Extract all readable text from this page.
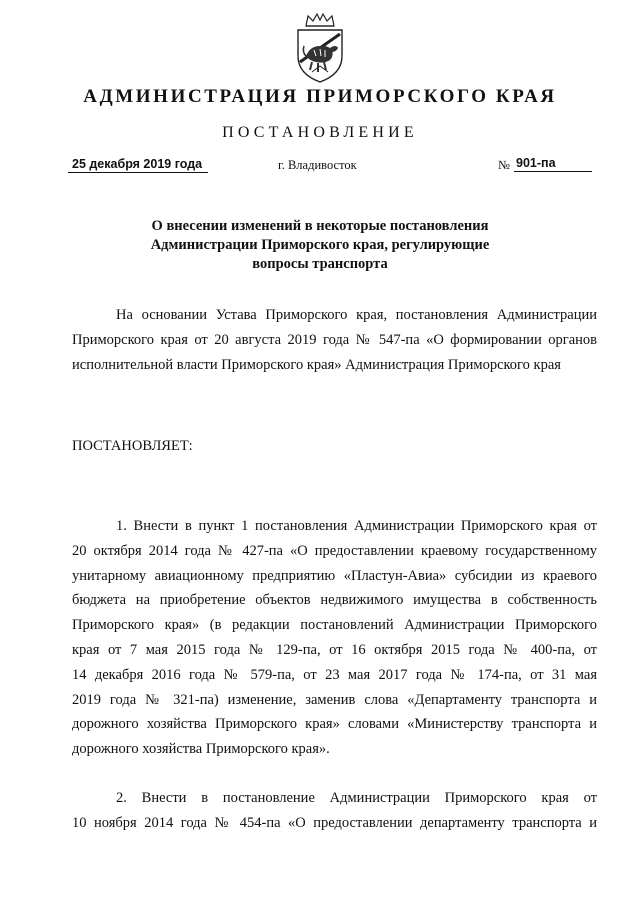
АДМИНИСТРАЦИЯ ПРИМОРСКОГО КРАЯ
ПОСТАНОВЛЕНИЕ
25 декабря 2019 года	г. Владивосток	№ 901-па
О внесении изменений в некоторые постановления
Администрации Приморского края, регулирующие
вопросы транспорта
На основании Устава Приморского края, постановления Администрации
Приморского края от 20 августа 2019 года № 547-па «О формировании органов
исполнительной власти Приморского края» Администрация Приморского края
ПОСТАНОВЛЯЕТ:
1. Внести в пункт 1 постановления Администрации Приморского края от
20 октября 2014 года № 427-па «О предоставлении краевому государственному
унитарному авиационному предприятию «Пластун-Авиа» субсидии из краевого
бюджета на приобретение объектов недвижимого имущества в собственность
Приморского края» (в редакции постановлений Администрации Приморского
края от 7 мая 2015 года № 129-па, от 16 октября 2015 года № 400-па, от
14 декабря 2016 года № 579-па, от 23 мая 2017 года № 174-па, от 31 мая
2019 года № 321-па) изменение, заменив слова «Департаменту транспорта и
дорожного хозяйства Приморского края» словами «Министерству транспорта и
дорожного хозяйства Приморского края».
2. Внести в постановление Администрации Приморского края от
10 ноября 2014 года № 454-па «О предоставлении департаменту транспорта и
